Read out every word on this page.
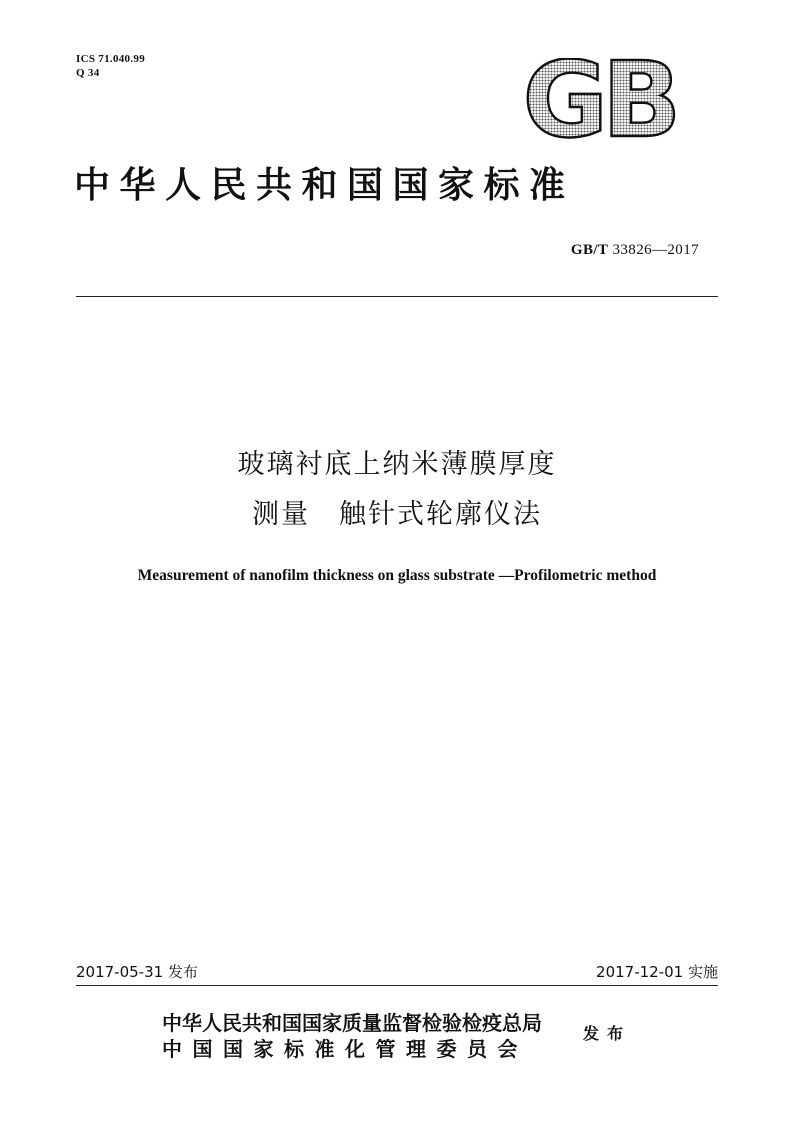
ICS 71.040.99
Q 34	GB
中华人民共和国国家标准
GB/T 33826—2017
玻璃衬底上纳米薄膜厚度
测量　触针式轮廓仪法
Measurement of nanofilm thickness on glass substrate —Profilometric method
2017-05-31 发布	2017-12-01 实施
中华人民共和国国家质量监督检验检疫总局
中国国家标准化管理委员会
发布
